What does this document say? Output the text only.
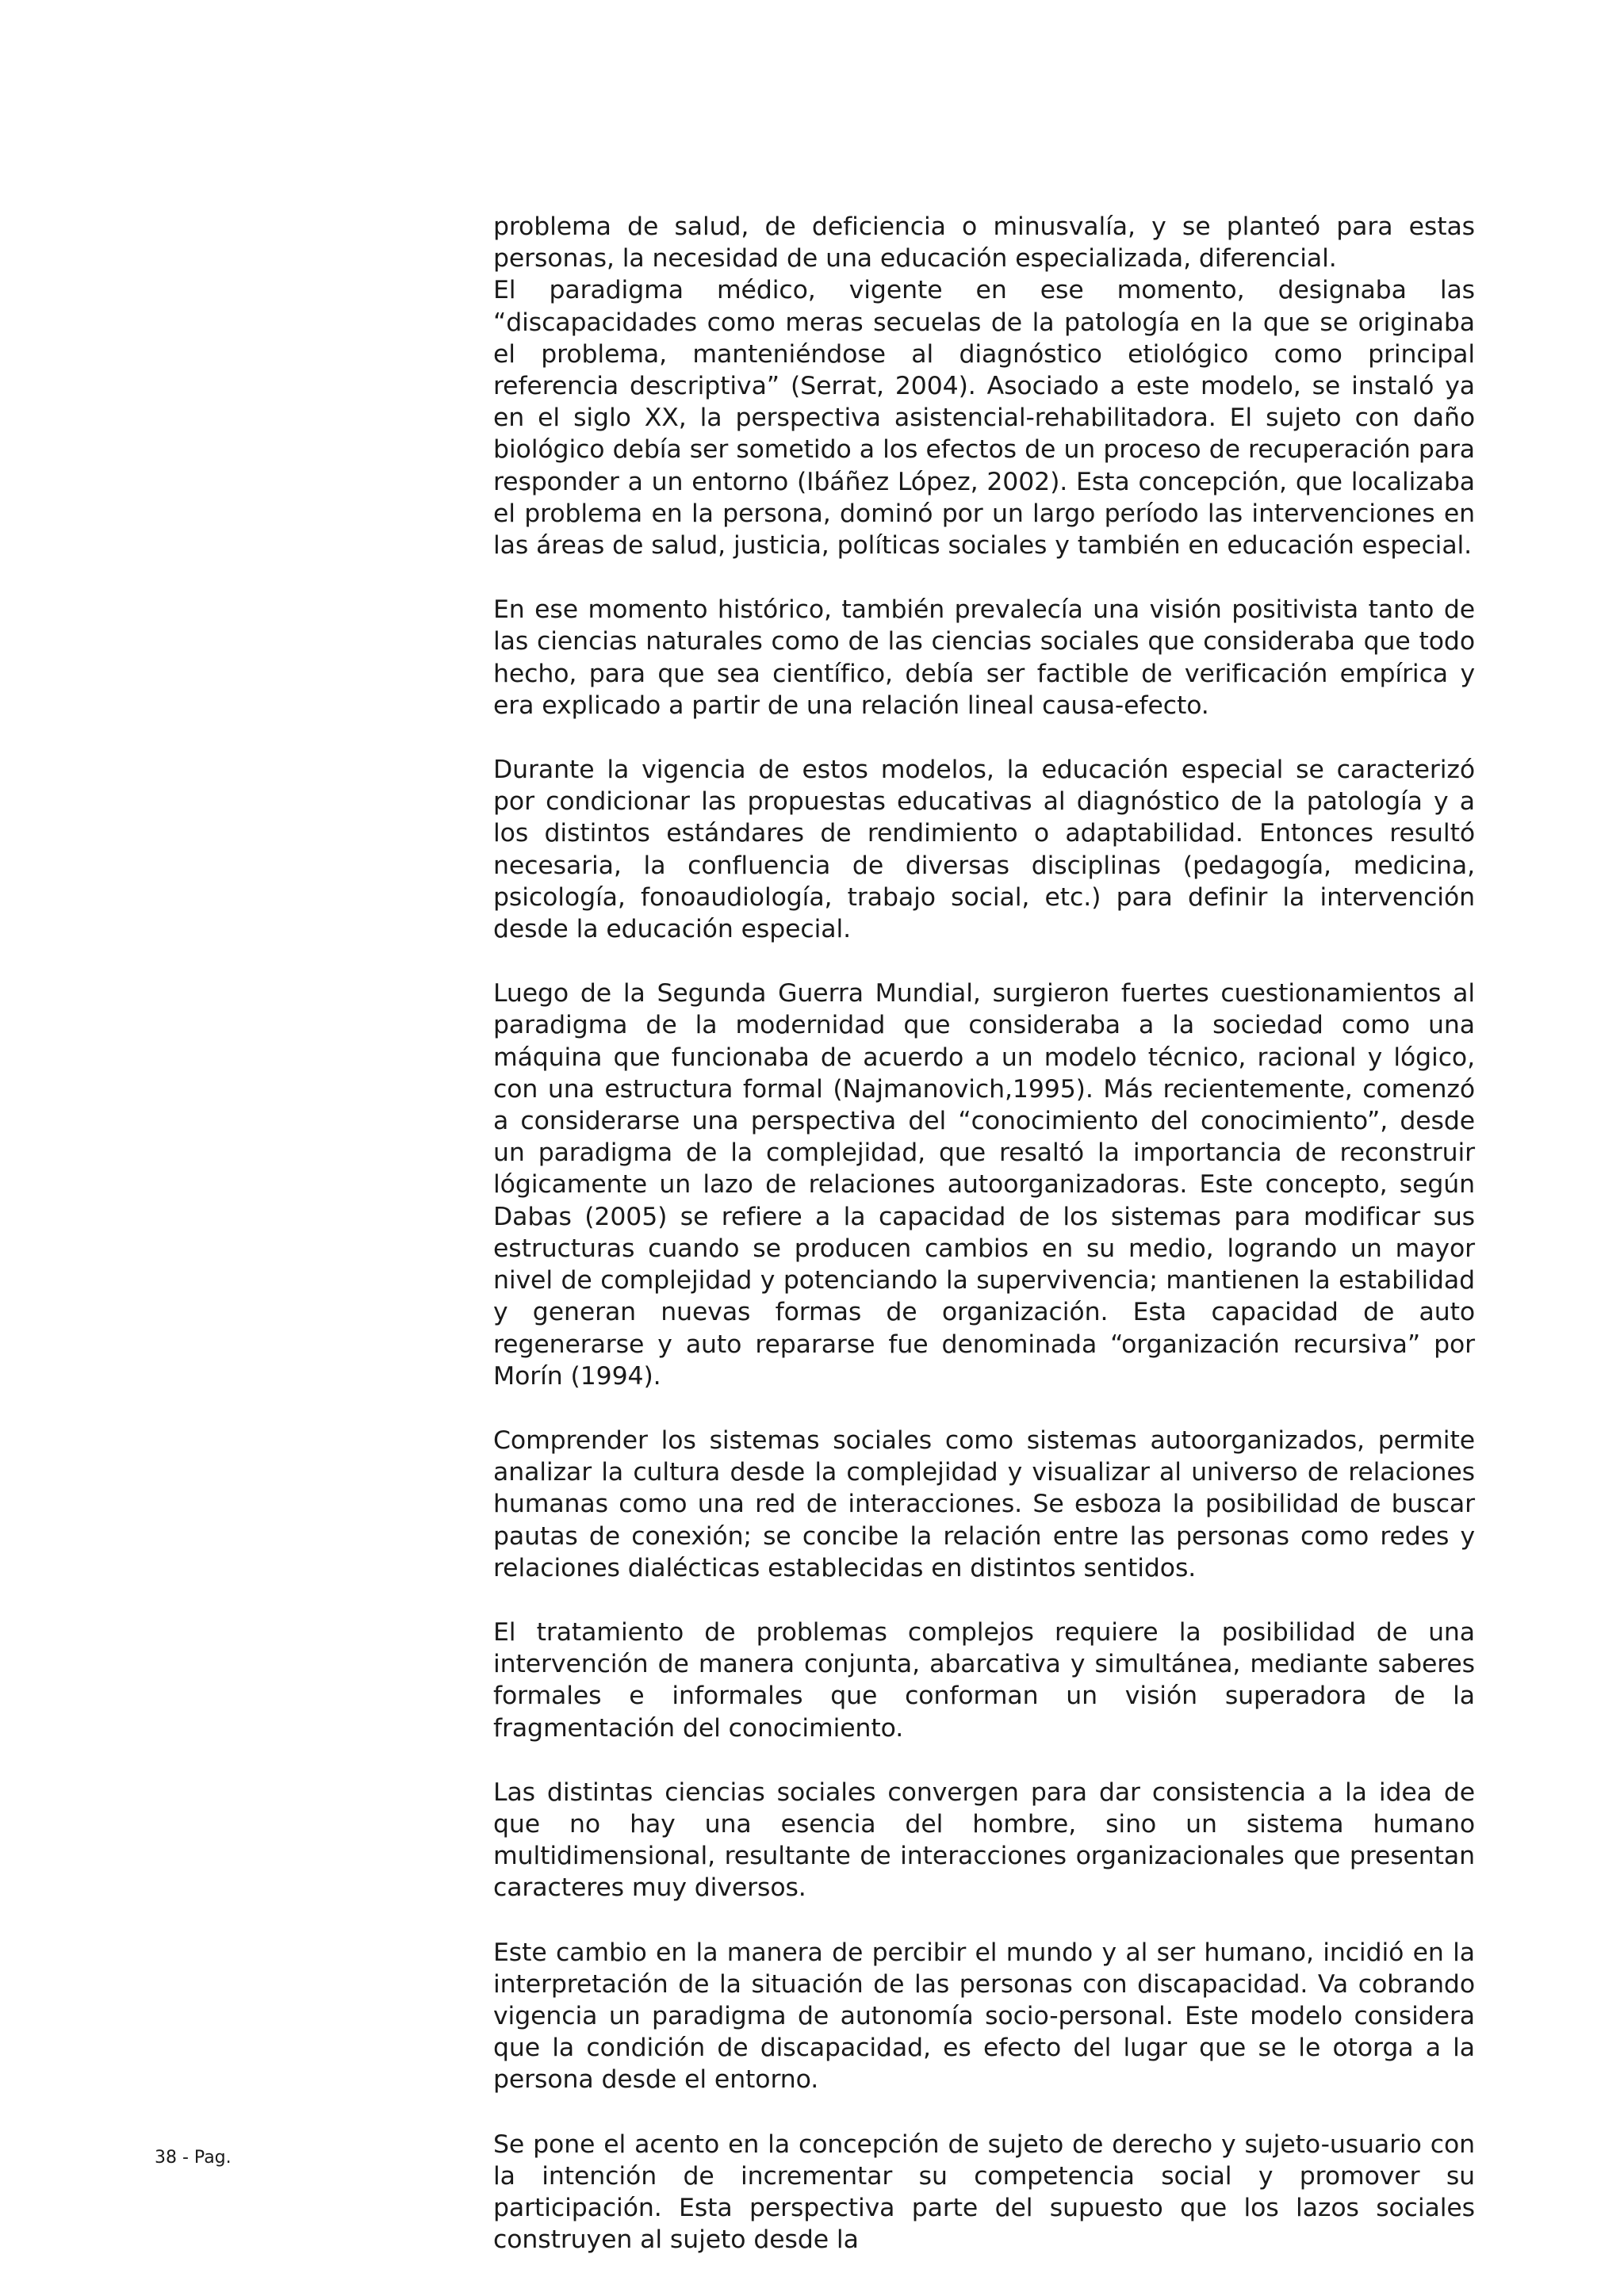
problema de salud, de deficiencia o minusvalía, y se planteó para estas personas, la necesidad de una educación especializada, diferencial.

El paradigma médico, vigente en ese momento, designaba las “discapacidades como meras secuelas de la patología en la que se originaba el problema, manteniéndose al diagnóstico etiológico como principal referencia descriptiva” (Serrat, 2004). Asociado a este modelo, se instaló ya en el siglo XX, la perspectiva asistencial-rehabilitadora. El sujeto con daño biológico debía ser sometido a los efectos de un proceso de recuperación para responder a un entorno (Ibáñez López, 2002). Esta concepción, que localizaba el problema en la persona, dominó por un largo período las intervenciones en las áreas de salud, justicia, políticas sociales y también en educación especial.

En ese momento histórico, también prevalecía una visión positivista tanto de las ciencias naturales como de las ciencias sociales que consideraba que todo hecho, para que sea científico, debía ser factible de verificación empírica y era explicado a partir de una relación lineal causa-efecto.

Durante la vigencia de estos modelos, la educación especial se caracterizó por condicionar las propuestas educativas al diagnóstico de la patología y a los distintos estándares de rendimiento o adaptabilidad. Entonces resultó necesaria, la confluencia de diversas disciplinas (pedagogía, medicina, psicología, fonoaudiología, trabajo social, etc.) para definir la intervención desde la educación especial.

Luego de la Segunda Guerra Mundial, surgieron fuertes cuestionamientos al paradigma de la modernidad que consideraba a la sociedad como una máquina que funcionaba de acuerdo a un modelo técnico, racional y lógico, con una estructura formal (Najmanovich,1995). Más recientemente, comenzó a considerarse una perspectiva del “conocimiento del conocimiento”, desde un paradigma de la complejidad, que resaltó la importancia de reconstruir lógicamente un lazo de relaciones autoorganizadoras. Este concepto, según Dabas (2005) se refiere a la capacidad de los sistemas para modificar sus estructuras cuando se producen cambios en su medio, logrando un mayor nivel de complejidad y potenciando la supervivencia; mantienen la estabilidad y generan nuevas formas de organización. Esta capacidad de auto regenerarse y auto repararse fue denominada “organización recursiva” por Morín (1994).

Comprender los sistemas sociales como sistemas autoorganizados, permite analizar la cultura desde la complejidad y visualizar al universo de relaciones humanas como una red de interacciones. Se esboza la posibilidad de buscar pautas de conexión; se concibe la relación entre las personas como redes y relaciones dialécticas establecidas en distintos sentidos.

El tratamiento de problemas complejos requiere la posibilidad de una intervención de manera conjunta, abarcativa y simultánea, mediante saberes formales e informales que conforman un visión superadora de la fragmentación del conocimiento.

Las distintas ciencias sociales convergen para dar consistencia a la idea de que no hay una esencia del hombre, sino un sistema humano multidimensional, resultante de interacciones organizacionales que presentan caracteres muy diversos.

Este cambio en la manera de percibir el mundo y al ser humano, incidió en la interpretación de la situación de las personas con discapacidad. Va cobrando vigencia un paradigma de autonomía socio-personal. Este modelo considera que la condición de discapacidad, es efecto del lugar que se le otorga a la persona desde el entorno.

Se pone el acento en la concepción de sujeto de derecho y sujeto-usuario con la intención de incrementar su competencia social y promover su participación. Esta perspectiva parte del supuesto que los lazos sociales construyen al sujeto desde la

38 - Pag.
